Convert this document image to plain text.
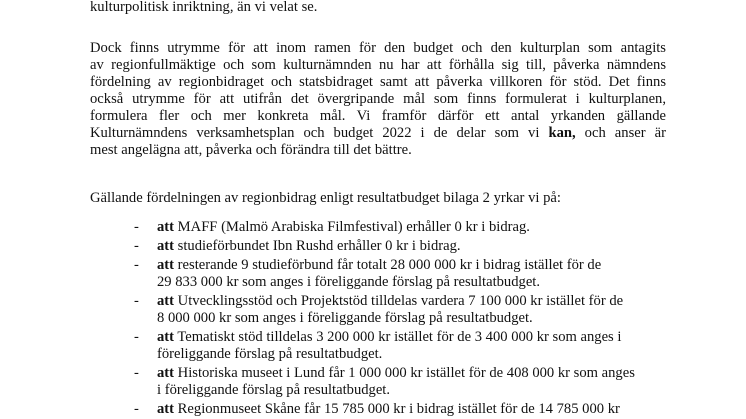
kulturpolitisk inriktning, än vi velat se.

Dock finns utrymme för att inom ramen för den budget och den kulturplan som antagits
av regionfullmäktige och som kulturnämnden nu har att förhålla sig till, påverka nämndens
fördelning av regionbidraget och statsbidraget samt att påverka villkoren för stöd. Det finns
också utrymme för att utifrån det övergripande mål som finns formulerat i kulturplanen,
formulera fler och mer konkreta mål. Vi framför därför ett antal yrkanden gällande
Kulturnämndens verksamhetsplan och budget 2022 i de delar som vi kan, och anser är
mest angelägna att, påverka och förändra till det bättre.

Gällande fördelningen av regionbidrag enligt resultatbudget bilaga 2 yrkar vi på:

- att MAFF (Malmö Arabiska Filmfestival) erhåller 0 kr i bidrag.
- att studieförbundet Ibn Rushd erhåller 0 kr i bidrag.
- att resterande 9 studieförbund får totalt 28 000 000 kr i bidrag istället för de
29 833 000 kr som anges i föreliggande förslag på resultatbudget.
- att Utvecklingsstöd och Projektstöd tilldelas vardera 7 100 000 kr istället för de
8 000 000 kr som anges i föreliggande förslag på resultatbudget.
- att Tematiskt stöd tilldelas 3 200 000 kr istället för de 3 400 000 kr som anges i
föreliggande förslag på resultatbudget.
- att Historiska museet i Lund får 1 000 000 kr istället för de 408 000 kr som anges
i föreliggande förslag på resultatbudget.
- att Regionmuseet Skåne får 15 785 000 kr i bidrag istället för de 14 785 000 kr
